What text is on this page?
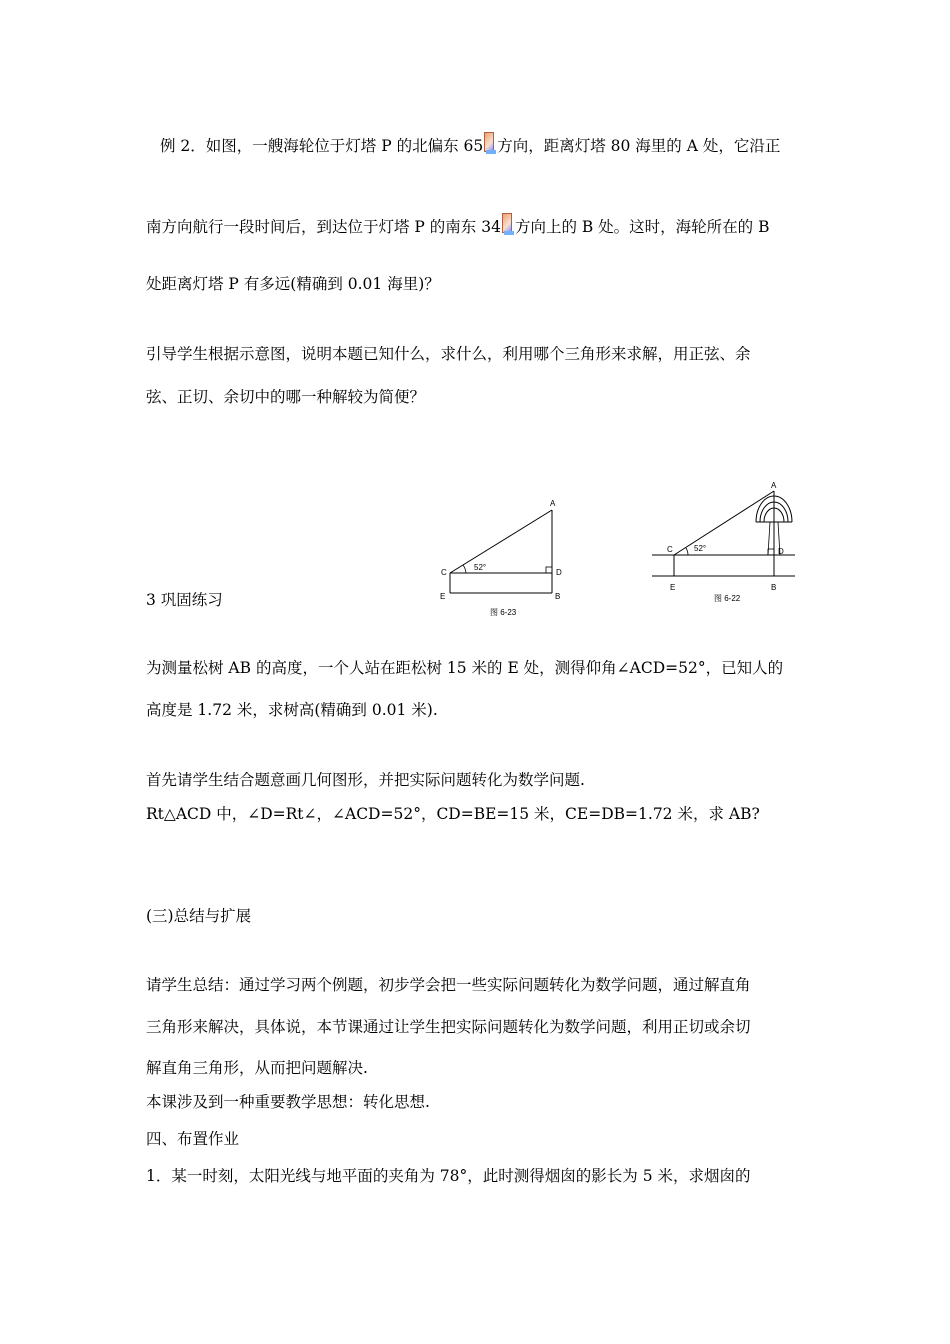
例 2．如图，一艘海轮位于灯塔 P 的北偏东 65 方向，距离灯塔 80 海里的 A 处，它沿正
南方向航行一段时间后，到达位于灯塔 P 的南东 34 方向上的 B 处。这时，海轮所在的 B
处距离灯塔 P 有多远(精确到 0.01 海里)？
引导学生根据示意图，说明本题已知什么，求什么，利用哪个三角形来求解，用正弦、余
弦、正切、余切中的哪一种解较为简便？
A
C	D
E	B
52°
图 6-23
A
C	D
E	B
52°
图 6-22
3 巩固练习
为测量松树 AB 的高度，一个人站在距松树 15 米的 E 处，测得仰角∠ACD=52°，已知人的
高度是 1.72 米，求树高(精确到 0.01 米).
首先请学生结合题意画几何图形，并把实际问题转化为数学问题.
Rt△ACD 中，∠D=Rt∠，∠ACD=52°，CD=BE=15 米，CE=DB=1.72 米，求 AB?
(三)总结与扩展
请学生总结：通过学习两个例题，初步学会把一些实际问题转化为数学问题，通过解直角
三角形来解决，具体说，本节课通过让学生把实际问题转化为数学问题，利用正切或余切
解直角三角形，从而把问题解决.
本课涉及到一种重要教学思想：转化思想.
四、布置作业
1．某一时刻，太阳光线与地平面的夹角为 78°，此时测得烟囱的影长为 5 米，求烟囱的
